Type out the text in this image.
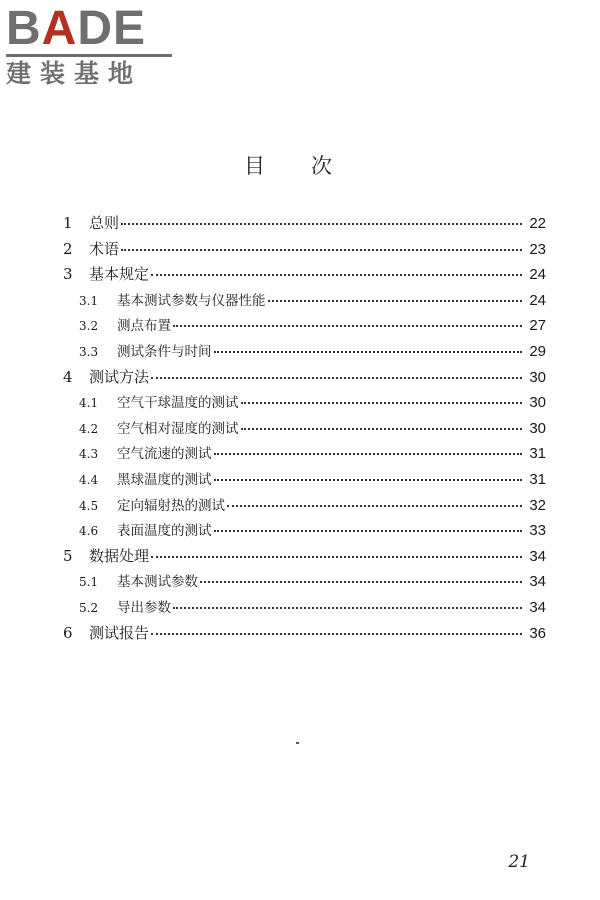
BADE
建装基地
目次
1	总则	22
2	术语	23
3	基本规定	24
3.1	基本测试参数与仪器性能	24
3.2	测点布置	27
3.3	测试条件与时间	29
4	测试方法	30
4.1	空气干球温度的测试	30
4.2	空气相对湿度的测试	30
4.3	空气流速的测试	31
4.4	黑球温度的测试	31
4.5	定向辐射热的测试	32
4.6	表面温度的测试	33
5	数据处理	34
5.1	基本测试参数	34
5.2	导出参数	34
6	测试报告	36
21
